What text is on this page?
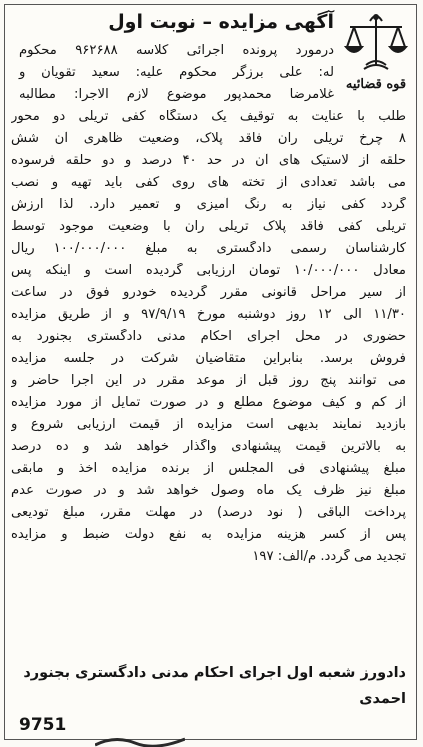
قوه قضائیه
آگهی مزایده – نوبت اول
درمورد پرونده اجرائی کلاسه ۹۶۲۶۸۸ محکوم
له: علی برزگر محکوم علیه: سعید تقویان و
غلامرضا محمدپور موضوع لازم الاجرا: مطالبه
طلب با عنایت به توقیف یک دستگاه کفی تریلی دو محور
۸ چرخ تریلی ران فاقد پلاک، وضعیت ظاهری آن شش
حلقه از لاستیک های آن در حد ۴۰ درصد و دو حلقه فرسوده
می باشد تعدادی از تخته های روی کفی باید تهیه و نصب
گردد کفی نیاز به رنگ آمیزی و تعمیر دارد. لذا ارزش
تریلی کفی فاقد پلاک تریلی ران با وضعیت موجود توسط
کارشناسان رسمی دادگستری به مبلغ ۱۰۰/۰۰۰/۰۰۰ ریال
معادل ۱۰/۰۰۰/۰۰۰ تومان ارزیابی گردیده است و اینکه پس
از سیر مراحل قانونی مقرر گردیده خودرو فوق در ساعت
۱۱/۳۰ الی ۱۲ روز دوشنبه مورخ ۹۷/۹/۱۹ و از طریق مزایده
حضوری در محل اجرای احکام مدنی دادگستری بجنورد به
فروش برسد. بنابراین متقاضیان شرکت در جلسه مزایده
می توانند پنج روز قبل از موعد مقرر در این اجرا حاضر و
از کم و کیف موضوع مطلع و در صورت تمایل از مورد مزایده
بازدید نمایند بدیهی است مزایده از قیمت ارزیابی شروع و
به بالاترین قیمت پیشنهادی واگذار خواهد شد و ده درصد
مبلغ پیشنهادی فی المجلس از برنده مزایده اخذ و مابقی
مبلغ نیز ظرف یک ماه وصول خواهد شد و در صورت عدم
پرداخت الباقی ( نود درصد) در مهلت مقرر، مبلغ تودیعی
پس از کسر هزینه مزایده به نفع دولت ضبط و مزایده
تجدید می گردد. م/الف: ۱۹۷
دادورز شعبه اول اجرای احکام مدنی دادگستری بجنورد
احمدی
9751
